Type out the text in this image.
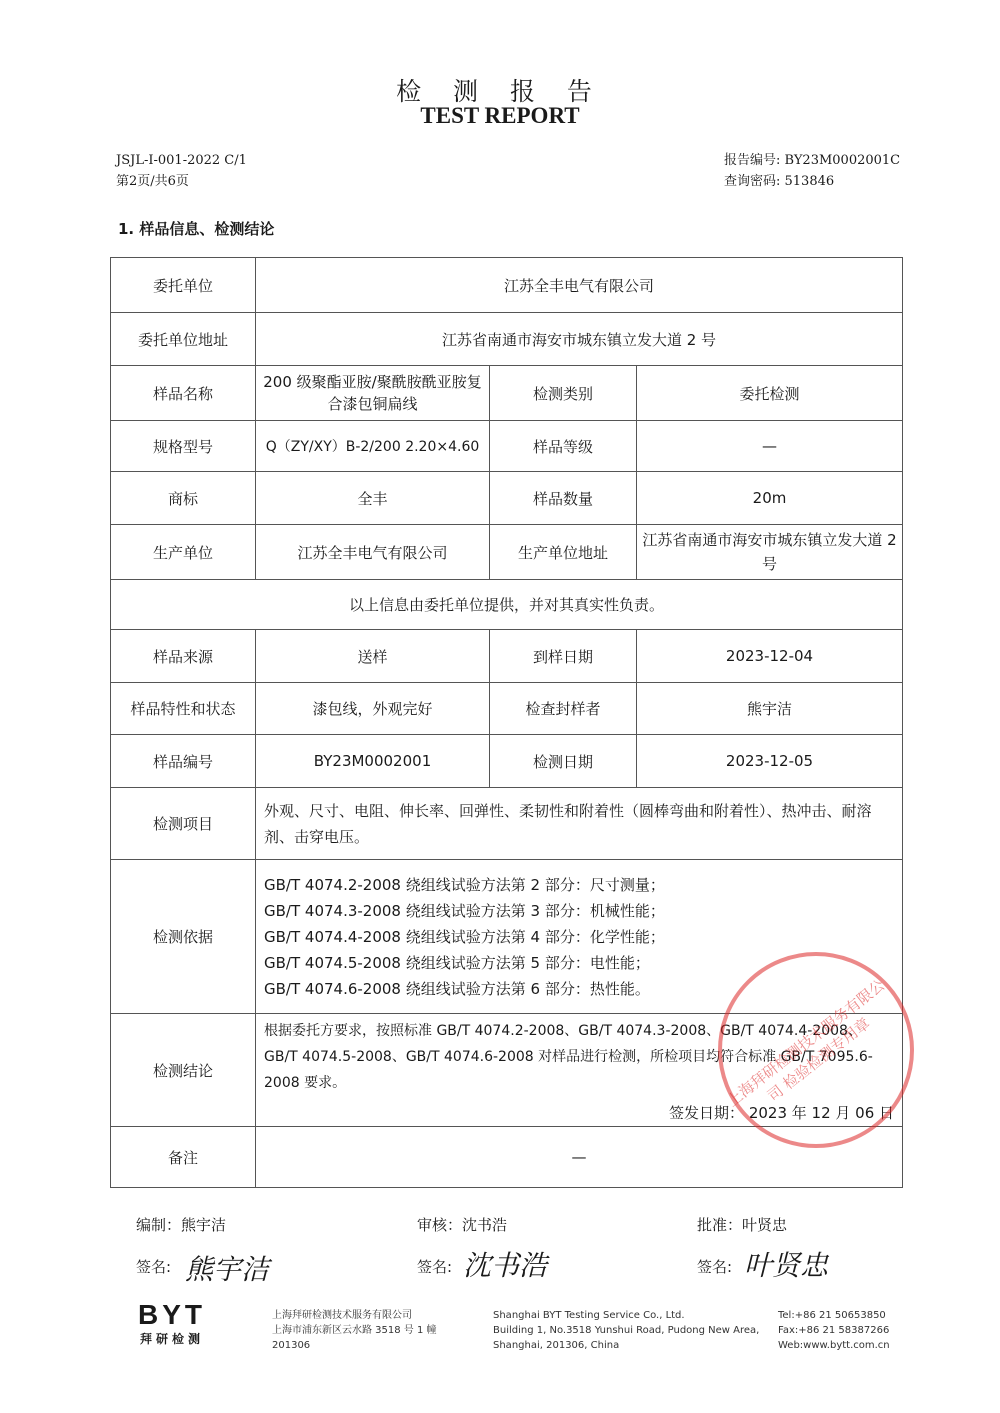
检 测 报 告
TEST REPORT
JSJL-I-001-2022 C/1
第2页/共6页
报告编号: BY23M0002001C
查询密码: 513846
1. 样品信息、检测结论
委托单位	江苏全丰电气有限公司		
委托单位地址	江苏省南通市海安市城东镇立发大道 2 号		
样品名称	200 级聚酯亚胺/聚酰胺酰亚胺复合漆包铜扁线	检测类别	委托检测
规格型号	Q（ZY/XY）B-2/200 2.20×4.60	样品等级	—
商标	全丰	样品数量	20m
生产单位	江苏全丰电气有限公司	生产单位地址	江苏省南通市海安市城东镇立发大道 2 号
以上信息由委托单位提供，并对其真实性负责。			
样品来源	送样	到样日期	2023-12-04
样品特性和状态	漆包线，外观完好	检查封样者	熊宇洁
样品编号	BY23M0002001	检测日期	2023-12-05
检测项目	外观、尺寸、电阻、伸长率、回弹性、柔韧性和附着性（圆棒弯曲和附着性）、热冲击、耐溶剂、击穿电压。		
检测依据	GB/T 4074.2-2008 绕组线试验方法第 2 部分：尺寸测量；
GB/T 4074.3-2008 绕组线试验方法第 3 部分：机械性能；
GB/T 4074.4-2008 绕组线试验方法第 4 部分：化学性能；
GB/T 4074.5-2008 绕组线试验方法第 5 部分：电性能；
GB/T 4074.6-2008 绕组线试验方法第 6 部分：热性能。		

检测结论	根据委托方要求，按照标准 GB/T 4074.2-2008、GB/T 4074.3-2008、GB/T 4074.4-2008、GB/T 4074.5-2008、GB/T 4074.6-2008 对样品进行检测，所检项目均符合标准 GB/T 7095.6-2008 要求。
签发日期： 2023 年 12 月 06 日		

备注	—		
上海拜研检测技术服务有限公司 检验检测专用章
编制：熊宇洁	审核：沈书浩	批准：叶贤忠
签名: 熊宇洁	签名: 沈书浩	签名: 叶贤忠
BYT
拜研检测
上海拜研检测技术服务有限公司
上海市浦东新区云水路 3518 号 1 幢
201306
Shanghai BYT Testing Service Co., Ltd.
Building 1, No.3518 Yunshui Road, Pudong New Area,
Shanghai, 201306, China
Tel:+86 21 50653850
Fax:+86 21 58387266
Web:www.bytt.com.cn
